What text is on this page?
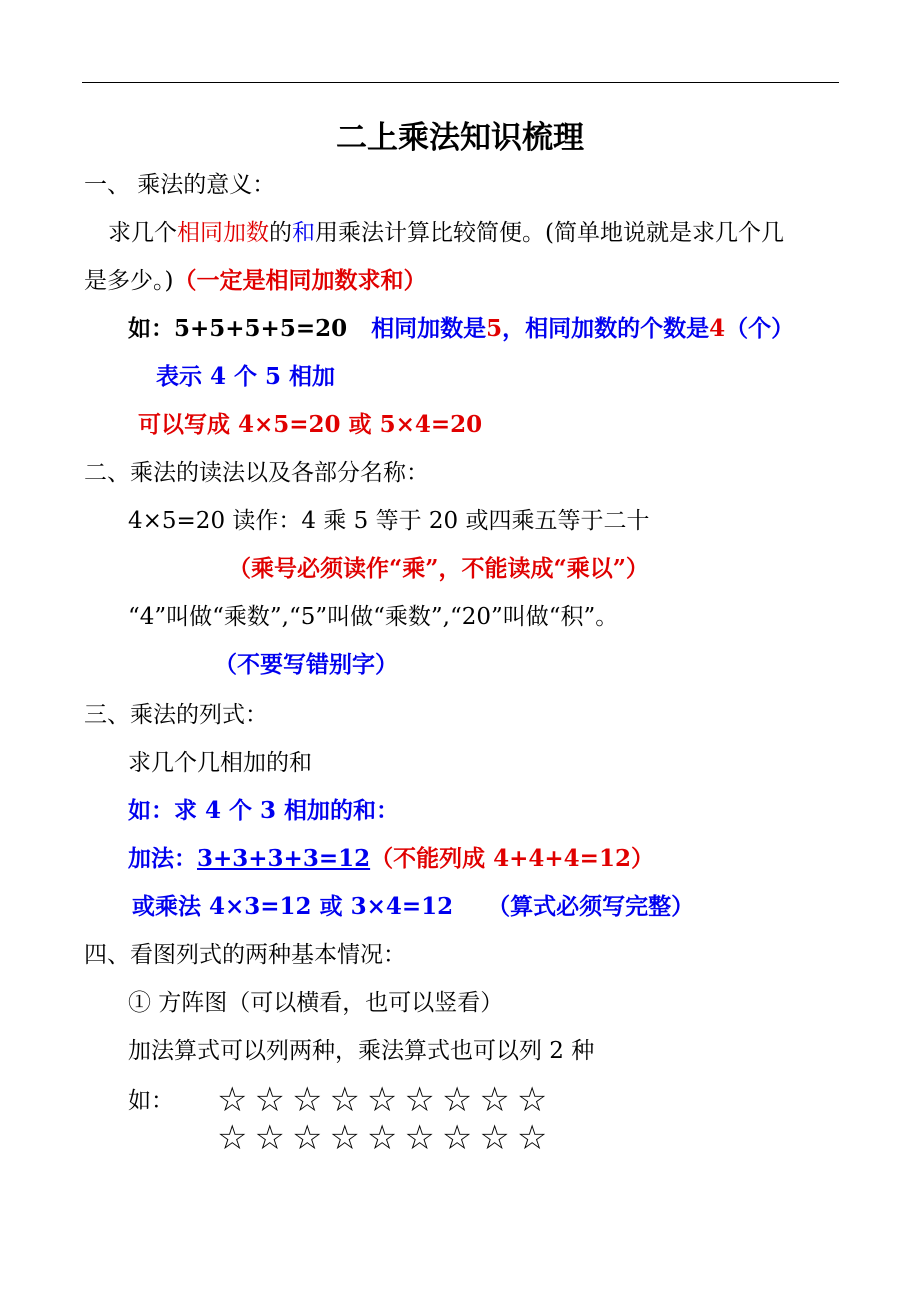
二上乘法知识梳理
一、 乘法的意义：
求几个相同加数的和用乘法计算比较简便。(简单地说就是求几个几
是多少。)（一定是相同加数求和）
如：5+5+5+5=20 相同加数是5，相同加数的个数是4（个）
表示 4 个 5 相加
可以写成 4×5=20 或 5×4=20
二、乘法的读法以及各部分名称：
4×5=20 读作：4 乘 5 等于 20 或四乘五等于二十
（乘号必须读作“乘”，不能读成“乘以”）
“4”叫做“乘数”,“5”叫做“乘数”,“20”叫做“积”。
（不要写错别字）
三、乘法的列式：
求几个几相加的和
如：求 4 个 3 相加的和：
加法：3+3+3+3=12（不能列成 4+4+4=12）
或乘法 4×3=12 或 3×4=12 （算式必须写完整）
四、看图列式的两种基本情况：
① 方阵图（可以横看，也可以竖看）
加法算式可以列两种，乘法算式也可以列 2 种
如： ☆☆☆☆☆☆☆☆☆
☆☆☆☆☆☆☆☆☆
